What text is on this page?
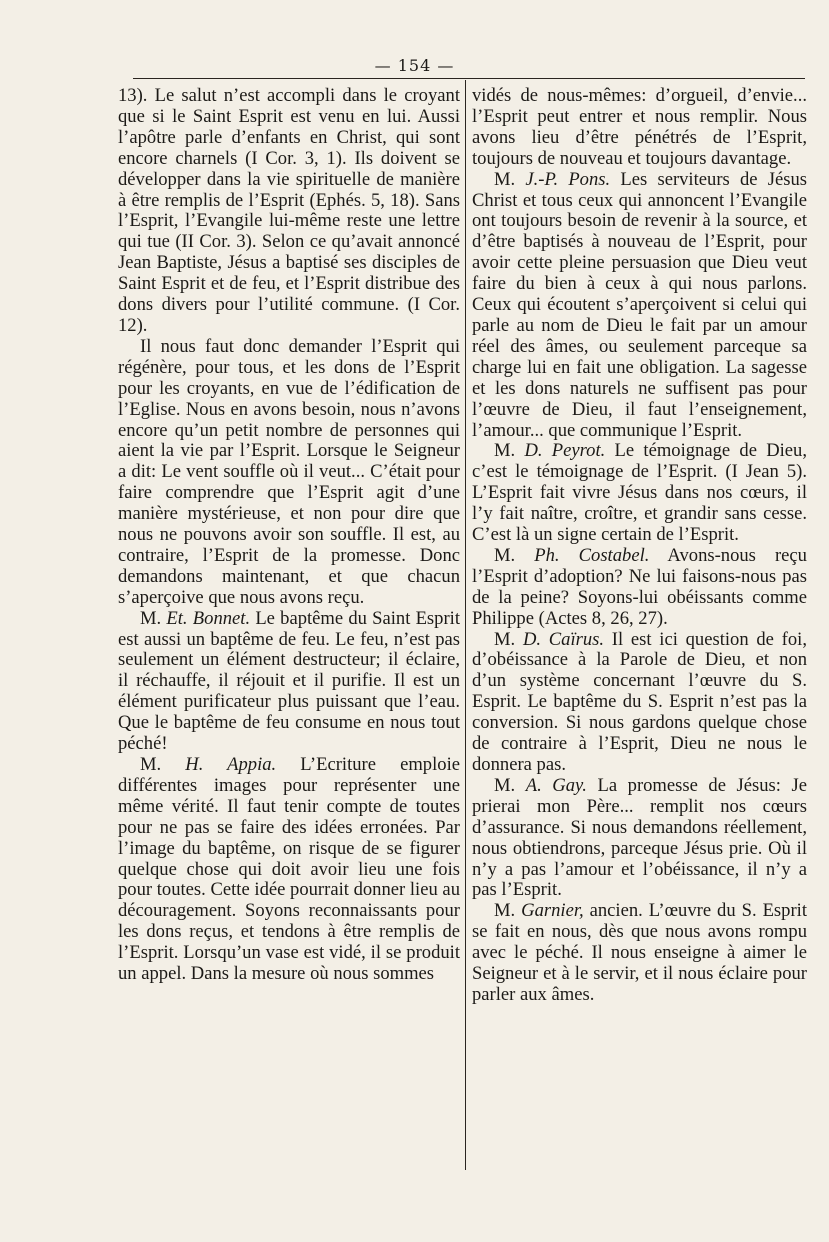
— 154 —

13). Le salut n’est accompli dans le croyant que si le Saint Esprit est venu en lui. Aussi l’apôtre parle d’enfants en Christ, qui sont encore charnels (I Cor. 3, 1). Ils doivent se développer dans la vie spirituelle de manière à être remplis de l’Esprit (Ephés. 5, 18). Sans l’Esprit, l’Evangile lui-même reste une lettre qui tue (II Cor. 3). Selon ce qu’avait annoncé Jean Baptiste, Jésus a baptisé ses disciples de Saint Esprit et de feu, et l’Esprit distribue des dons divers pour l’utilité commune. (I Cor. 12).

Il nous faut donc demander l’Esprit qui régénère, pour tous, et les dons de l’Esprit pour les croyants, en vue de l’édification de l’Eglise. Nous en avons besoin, nous n’avons encore qu’un petit nombre de personnes qui aient la vie par l’Esprit. Lorsque le Seigneur a dit: Le vent souffle où il veut... C’était pour faire comprendre que l’Esprit agit d’une manière mystérieuse, et non pour dire que nous ne pouvons avoir son souffle. Il est, au contraire, l’Esprit de la promesse. Donc demandons maintenant, et que chacun s’aperçoive que nous avons reçu.

M. Et. Bonnet. Le baptême du Saint Esprit est aussi un baptême de feu. Le feu, n’est pas seulement un élément destructeur; il éclaire, il réchauffe, il réjouit et il purifie. Il est un élément purificateur plus puissant que l’eau. Que le baptême de feu consume en nous tout péché!

M. H. Appia. L’Ecriture emploie différentes images pour représenter une même vérité. Il faut tenir compte de toutes pour ne pas se faire des idées erronées. Par l’image du baptême, on risque de se figurer quelque chose qui doit avoir lieu une fois pour toutes. Cette idée pourrait donner lieu au découragement. Soyons reconnaissants pour les dons reçus, et tendons à être remplis de l’Esprit. Lorsqu’un vase est vidé, il se produit un appel. Dans la mesure où nous sommes

vidés de nous-mêmes: d’orgueil, d’envie... l’Esprit peut entrer et nous remplir. Nous avons lieu d’être pénétrés de l’Esprit, toujours de nouveau et toujours davantage.

M. J.-P. Pons. Les serviteurs de Jésus Christ et tous ceux qui annoncent l’Evangile ont toujours besoin de revenir à la source, et d’être baptisés à nouveau de l’Esprit, pour avoir cette pleine persuasion que Dieu veut faire du bien à ceux à qui nous parlons. Ceux qui écoutent s’aperçoivent si celui qui parle au nom de Dieu le fait par un amour réel des âmes, ou seulement parceque sa charge lui en fait une obligation. La sagesse et les dons naturels ne suffisent pas pour l’œuvre de Dieu, il faut l’enseignement, l’amour... que communique l’Esprit.

M. D. Peyrot. Le témoignage de Dieu, c’est le témoignage de l’Esprit. (I Jean 5). L’Esprit fait vivre Jésus dans nos cœurs, il l’y fait naître, croître, et grandir sans cesse. C’est là un signe certain de l’Esprit.

M. Ph. Costabel. Avons-nous reçu l’Esprit d’adoption? Ne lui faisons-nous pas de la peine? Soyons-lui obéissants comme Philippe (Actes 8, 26, 27).

M. D. Caïrus. Il est ici question de foi, d’obéissance à la Parole de Dieu, et non d’un système concernant l’œuvre du S. Esprit. Le baptême du S. Esprit n’est pas la conversion. Si nous gardons quelque chose de contraire à l’Esprit, Dieu ne nous le donnera pas.

M. A. Gay. La promesse de Jésus: Je prierai mon Père... remplit nos cœurs d’assurance. Si nous demandons réellement, nous obtiendrons, parceque Jésus prie. Où il n’y a pas l’amour et l’obéissance, il n’y a pas l’Esprit.

M. Garnier, ancien. L’œuvre du S. Esprit se fait en nous, dès que nous avons rompu avec le péché. Il nous enseigne à aimer le Seigneur et à le servir, et il nous éclaire pour parler aux âmes.
